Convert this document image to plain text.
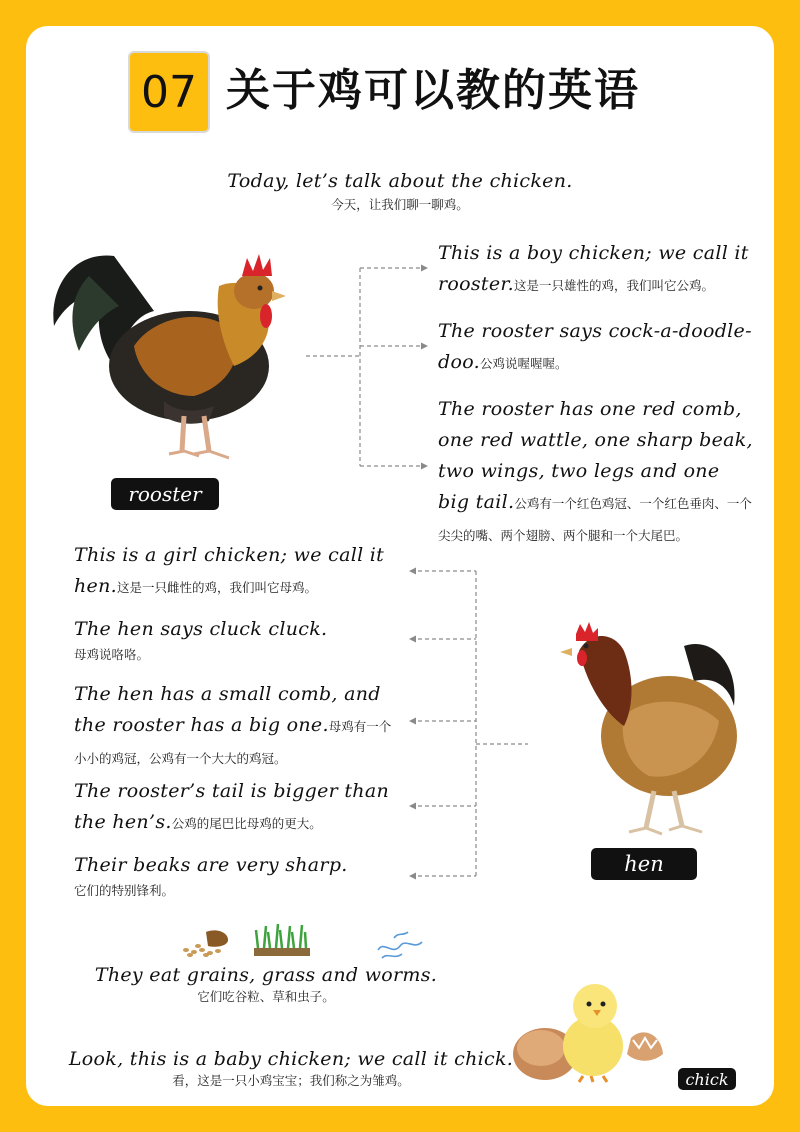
07 关于鸡可以教的英语
Today, let’s talk about the chicken.
今天，让我们聊一聊鸡。
rooster
This is a boy chicken; we call it rooster.这是一只雄性的鸡，我们叫它公鸡。
The rooster says cock-a-doodle-doo.公鸡说喔喔喔。
The rooster has one red comb, one red wattle, one sharp beak, two wings, two legs and one big tail.公鸡有一个红色鸡冠、一个红色垂肉、一个尖尖的嘴、两个翅膀、两个腿和一个大尾巴。
This is a girl chicken; we call it hen.这是一只雌性的鸡，我们叫它母鸡。
The hen says cluck cluck.
母鸡说咯咯。
The hen has a small comb, and the rooster has a big one.母鸡有一个小小的鸡冠，公鸡有一个大大的鸡冠。
The rooster’s tail is bigger than the hen’s.公鸡的尾巴比母鸡的更大。
Their beaks are very sharp.
它们的特别锋利。
hen
They eat grains, grass and worms.
它们吃谷粒、草和虫子。
Look, this is a baby chicken; we call it chick.
看，这是一只小鸡宝宝；我们称之为雏鸡。	chick
